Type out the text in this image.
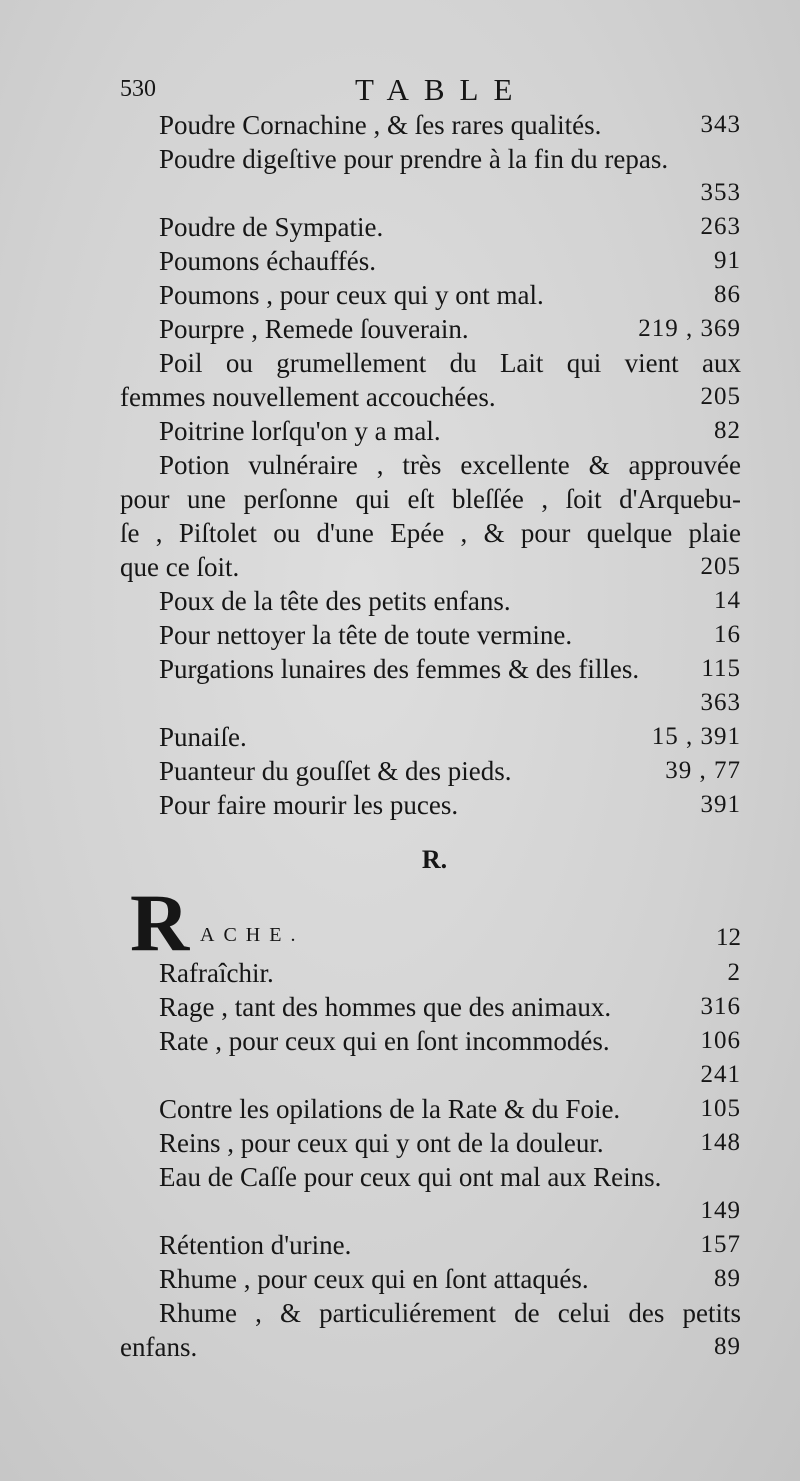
530	TABLE
Poudre Cornachine , & ſes rares qualités.	343
Poudre digeſtive pour prendre à la fin du repas.
353
Poudre de Sympatie.	263
Poumons échauffés.	91
Poumons , pour ceux qui y ont mal.	86
Pourpre , Remede ſouverain.	219 , 369
Poil ou grumellement du Lait qui vient aux
femmes nouvellement accouchées.	205
Poitrine lorſqu'on y a mal.	82
Potion vulnéraire , très excellente & approuvée
pour une perſonne qui eſt bleſſée , ſoit d'Arquebu-
ſe , Piſtolet ou d'une Epée , & pour quelque plaie
que ce ſoit.	205
Poux de la tête des petits enfans.	14
Pour nettoyer la tête de toute vermine.	16
Purgations lunaires des femmes & des filles. 115
363
Punaiſe.	15 , 391
Puanteur du gouſſet & des pieds.	39 , 77
Pour faire mourir les puces.	391
R.
R ACHE.	12
Rafraîchir.	2
Rage , tant des hommes que des animaux.	316
Rate , pour ceux qui en ſont incommodés.	106
241
Contre les opilations de la Rate & du Foie.	105
Reins , pour ceux qui y ont de la douleur.	148
Eau de Caſſe pour ceux qui ont mal aux Reins.
149
Rétention d'urine.	157
Rhume , pour ceux qui en ſont attaqués.	89
Rhume , & particuliérement de celui des petits
enfans.	89
